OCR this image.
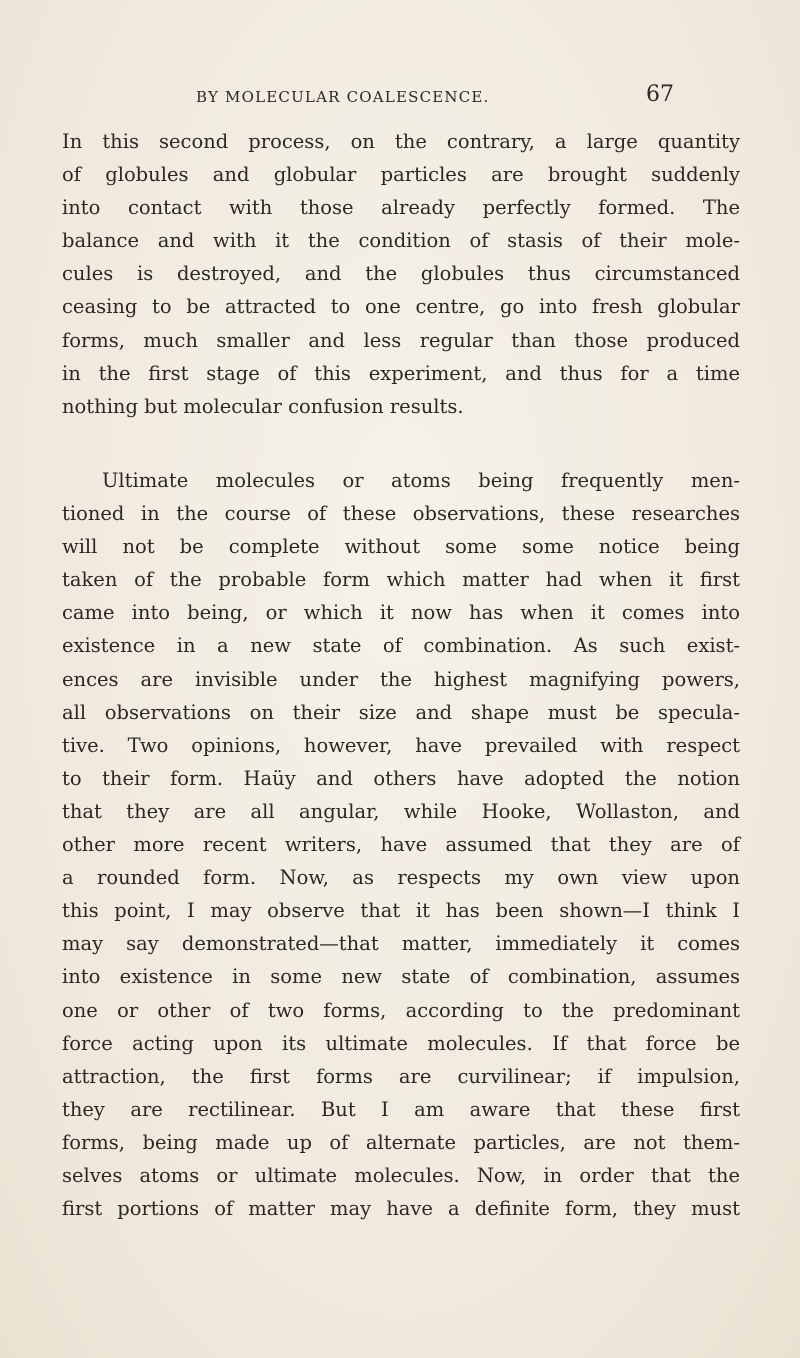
BY MOLECULAR COALESCENCE.	67
In this second process, on the contrary, a large quantity
of globules and globular particles are brought suddenly
into contact with those already perfectly formed. The
balance and with it the condition of stasis of their mole-
cules is destroyed, and the globules thus circumstanced
ceasing to be attracted to one centre, go into fresh globular
forms, much smaller and less regular than those produced
in the first stage of this experiment, and thus for a time
nothing but molecular confusion results.
Ultimate molecules or atoms being frequently men-
tioned in the course of these observations, these researches
will not be complete without some some notice being
taken of the probable form which matter had when it first
came into being, or which it now has when it comes into
existence in a new state of combination. As such exist-
ences are invisible under the highest magnifying powers,
all observations on their size and shape must be specula-
tive. Two opinions, however, have prevailed with respect
to their form. Haüy and others have adopted the notion
that they are all angular, while Hooke, Wollaston, and
other more recent writers, have assumed that they are of
a rounded form. Now, as respects my own view upon
this point, I may observe that it has been shown—I think I
may say demonstrated—that matter, immediately it comes
into existence in some new state of combination, assumes
one or other of two forms, according to the predominant
force acting upon its ultimate molecules. If that force be
attraction, the first forms are curvilinear; if impulsion,
they are rectilinear. But I am aware that these first
forms, being made up of alternate particles, are not them-
selves atoms or ultimate molecules. Now, in order that the
first portions of matter may have a definite form, they must
